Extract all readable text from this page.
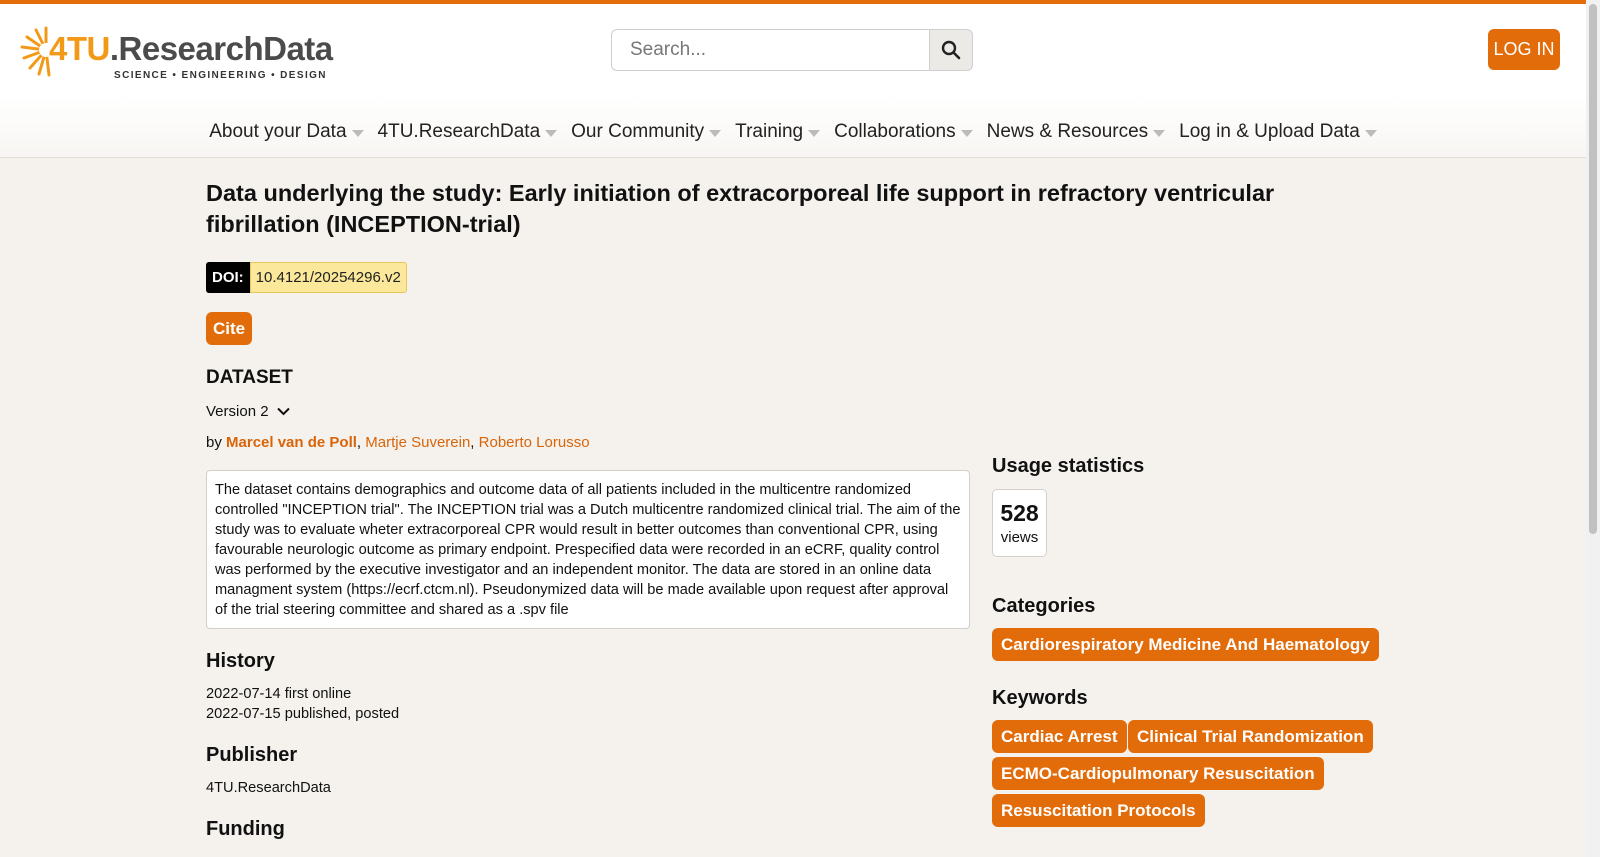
4TU.ResearchData
SCIENCE • ENGINEERING • DESIGN
Search...
LOG IN
About your Data 4TU.ResearchData Our Community Training Collaborations News & Resources Log in & Upload Data
Data underlying the study: Early initiation of extracorporeal life support in refractory ventricular fibrillation (INCEPTION-trial)
DOI: 10.4121/20254296.v2
Cite
DATASET
Version 2
by Marcel van de Poll, Martje Suverein, Roberto Lorusso
The dataset contains demographics and outcome data of all patients included in the multicentre randomized controlled "INCEPTION trial". The INCEPTION trial was a Dutch multicentre randomized clinical trial. The aim of the study was to evaluate wheter extracorporeal CPR would result in better outcomes than conventional CPR, using favourable neurologic outcome as primary endpoint. Prespecified data were recorded in an eCRF, quality control was performed by the executive investigator and an independent monitor. The data are stored in an online data managment system (https://ecrf.ctcm.nl). Pseudonymized data will be made available upon request after approval of the trial steering committee and shared as a .spv file
History
2022-07-14 first online
2022-07-15 published, posted
Publisher
4TU.ResearchData
Funding
Usage statistics
528
views
Categories
Cardiorespiratory Medicine And Haematology
Keywords
Cardiac Arrest	Clinical Trial Randomization
ECMO-Cardiopulmonary Resuscitation
Resuscitation Protocols
